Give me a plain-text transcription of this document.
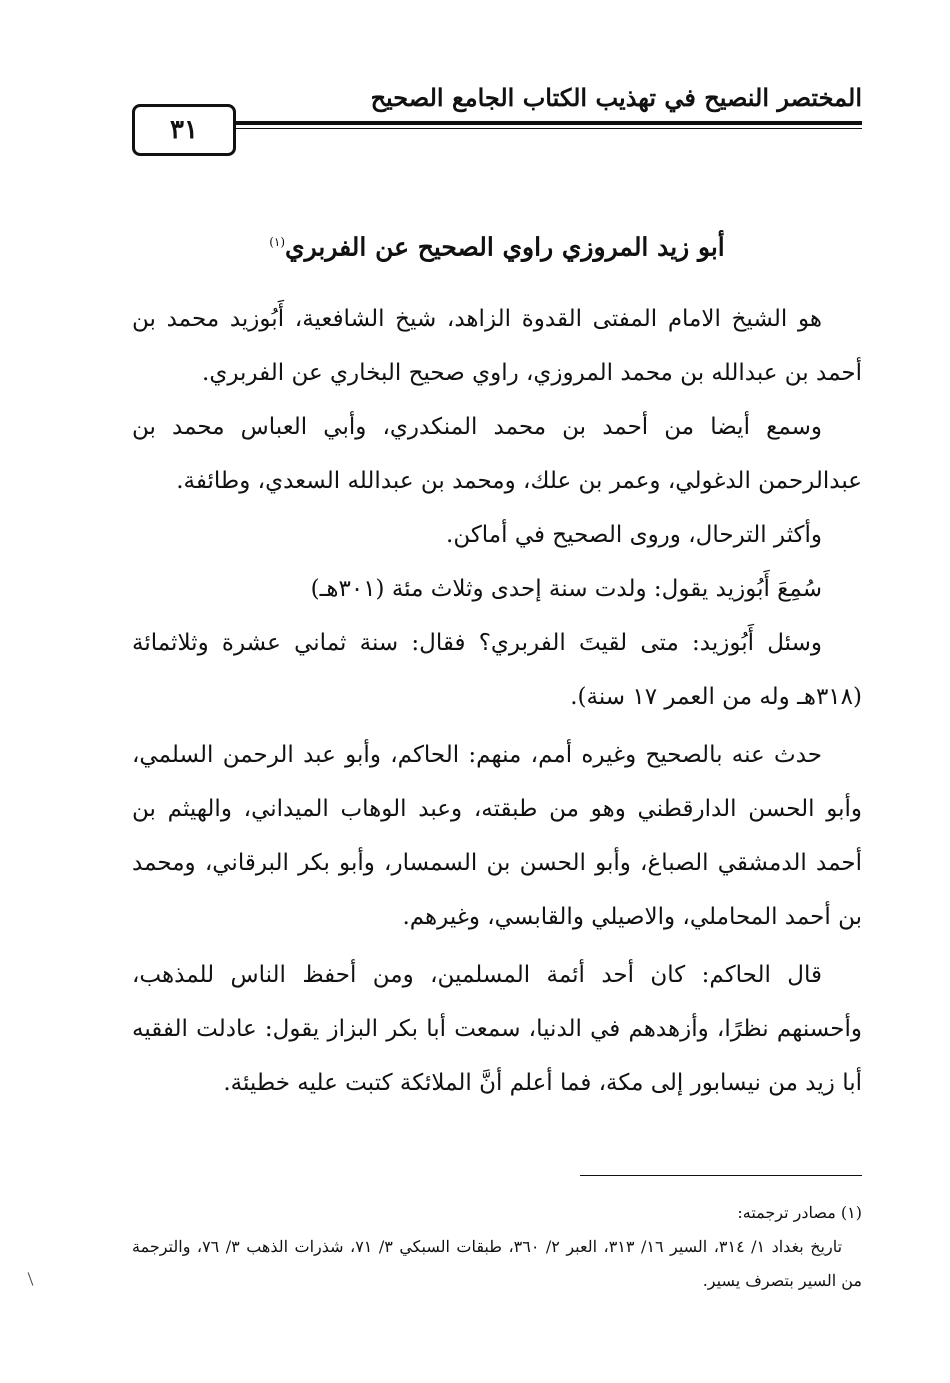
المختصر النصيح في تهذيب الكتاب الجامع الصحيح
٣١
أبو زيد المروزي راوي الصحيح عن الفربري$^{(١)}$

هو الشيخ الامام المفتى القدوة الزاهد، شيخ الشافعية، أَبُوزيد محمد بن أحمد بن عبدالله بن محمد المروزي، راوي صحيح البخاري عن الفربري.

وسمع أيضا من أحمد بن محمد المنكدري، وأبي العباس محمد بن عبدالرحمن الدغولي، وعمر بن علك، ومحمد بن عبدالله السعدي، وطائفة.

وأكثر الترحال، وروى الصحيح في أماكن.

سُمِعَ أَبُوزيد يقول: ولدت سنة إحدى وثلاث مئة (٣٠١هـ)

وسئل أَبُوزيد: متى لقيتَ الفربري؟ فقال: سنة ثماني عشرة وثلاثمائة (٣١٨هـ وله من العمر ١٧ سنة).

حدث عنه بالصحيح وغيره أمم، منهم: الحاكم، وأبو عبد الرحمن السلمي، وأبو الحسن الدارقطني وهو من طبقته، وعبد الوهاب الميداني، والهيثم بن أحمد الدمشقي الصباغ، وأبو الحسن بن السمسار، وأبو بكر البرقاني، ومحمد بن أحمد المحاملي، والاصيلي والقابسي، وغيرهم.

قال الحاكم: كان أحد أئمة المسلمين، ومن أحفظ الناس للمذهب، وأحسنهم نظرًا، وأزهدهم في الدنيا، سمعت أبا بكر البزاز يقول: عادلت الفقيه أبا زيد من نيسابور إلى مكة، فما أعلم أنَّ الملائكة كتبت عليه خطيئة.

(١) مصادر ترجمته:

تاريخ بغداد ١/ ٣١٤، السير ١٦/ ٣١٣، العبر ٢/ ٣٦٠، طبقات السبكي ٣/ ٧١، شذرات الذهب ٣/ ٧٦، والترجمة من السير بتصرف يسير.
